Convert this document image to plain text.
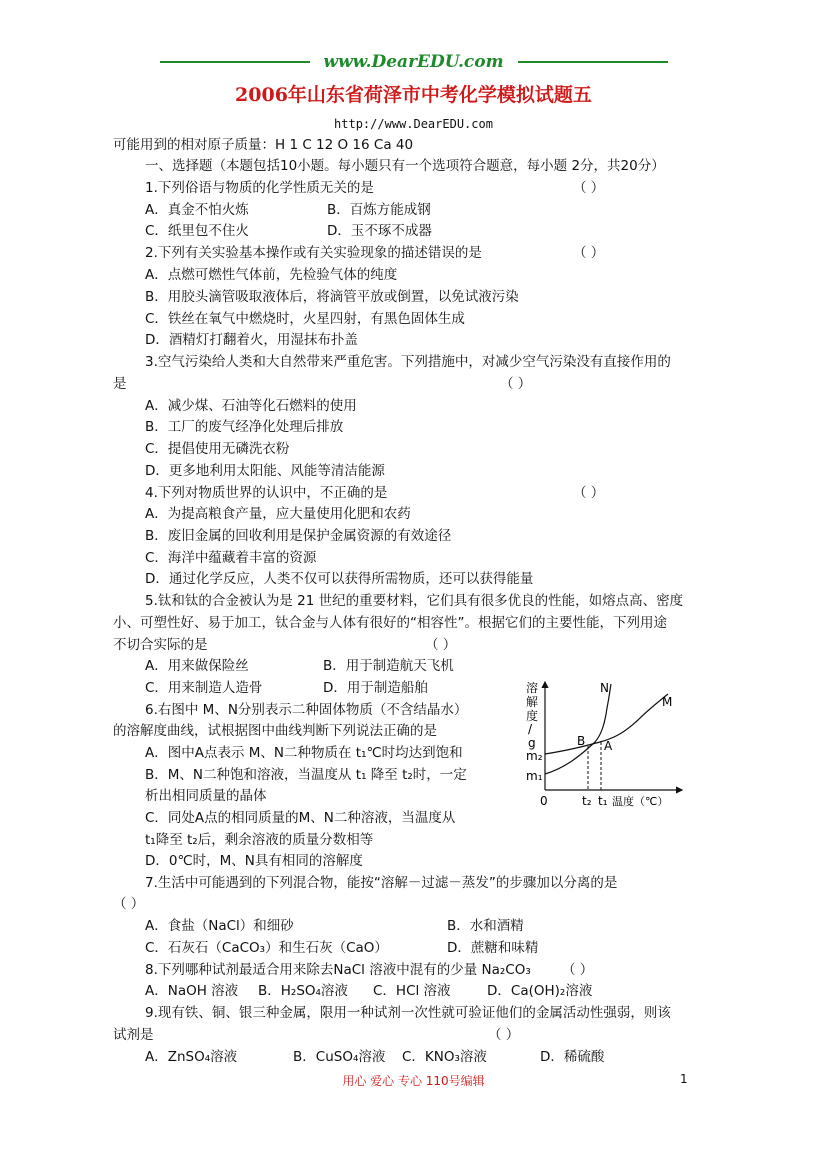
www.DearEDU.com
2006年山东省荷泽市中考化学模拟试题五
http://www.DearEDU.com
可能用到的相对原子质量：H 1 C 12 O 16 Ca 40
一、选择题（本题包括10小题。每小题只有一个选项符合题意，每小题 2分，共20分）
1.下列俗语与物质的化学性质无关的是	（ ）
A．真金不怕火炼	B．百炼方能成钢
C．纸里包不住火	D．玉不琢不成器
2.下列有关实验基本操作或有关实验现象的描述错误的是	（ ）
A．点燃可燃性气体前，先检验气体的纯度
B．用胶头滴管吸取液体后，将滴管平放或倒置，以免试液污染
C．铁丝在氧气中燃烧时，火星四射，有黑色固体生成
D．酒精灯打翻着火，用湿抹布扑盖
3.空气污染给人类和大自然带来严重危害。下列措施中，对减少空气污染没有直接作用的
是	（ ）
A．减少煤、石油等化石燃料的使用
B．工厂的废气经净化处理后排放
C．提倡使用无磷洗衣粉
D．更多地利用太阳能、风能等清洁能源
4.下列对物质世界的认识中，不正确的是	（ ）
A．为提高粮食产量，应大量使用化肥和农药
B．废旧金属的回收利用是保护金属资源的有效途径
C．海洋中蕴藏着丰富的资源
D．通过化学反应，人类不仅可以获得所需物质，还可以获得能量
5.钛和钛的合金被认为是 21 世纪的重要材料，它们具有很多优良的性能，如熔点高、密度
小、可塑性好、易于加工，钛合金与人体有很好的“相容性”。根据它们的主要性能，下列用途
不切合实际的是	（ ）
A．用来做保险丝	B．用于制造航天飞机
C．用来制造人造骨	D．用于制造船舶
6.右图中 M、N分别表示二种固体物质（不含结晶水）
的溶解度曲线，试根据图中曲线判断下列说法正确的是
A．图中A点表示 M、N二种物质在 t₁℃时均达到饱和
B．M、N二种饱和溶液，当温度从 t₁ 降至 t₂时，一定
析出相同质量的晶体
C．同处A点的相同质量的M、N二种溶液，当温度从
t₁降至 t₂后，剩余溶液的质量分数相等
D．0℃时，M、N具有相同的溶解度
溶
解
度
/
g
m₂
m₁
0	t₂ t₁ 温度（℃）
B A
N
M
7.生活中可能遇到的下列混合物，能按“溶解－过滤－蒸发”的步骤加以分离的是
（ ）
A．食盐（NaCl）和细砂	B．水和酒精
C．石灰石（CaCO₃）和生石灰（CaO）	D．蔗糖和味精
8.下列哪种试剂最适合用来除去NaCl 溶液中混有的少量 Na₂CO₃ （ ）
A．NaOH 溶液 B．H₂SO₄溶液 C．HCl 溶液	D．Ca(OH)₂溶液
9.现有铁、铜、银三种金属，限用一种试剂一次性就可验证他们的金属活动性强弱，则该
试剂是	（ ）
A．ZnSO₄溶液	B．CuSO₄溶液 C．KNO₃溶液	D．稀硫酸
用心 爱心 专心 110号编辑	1
